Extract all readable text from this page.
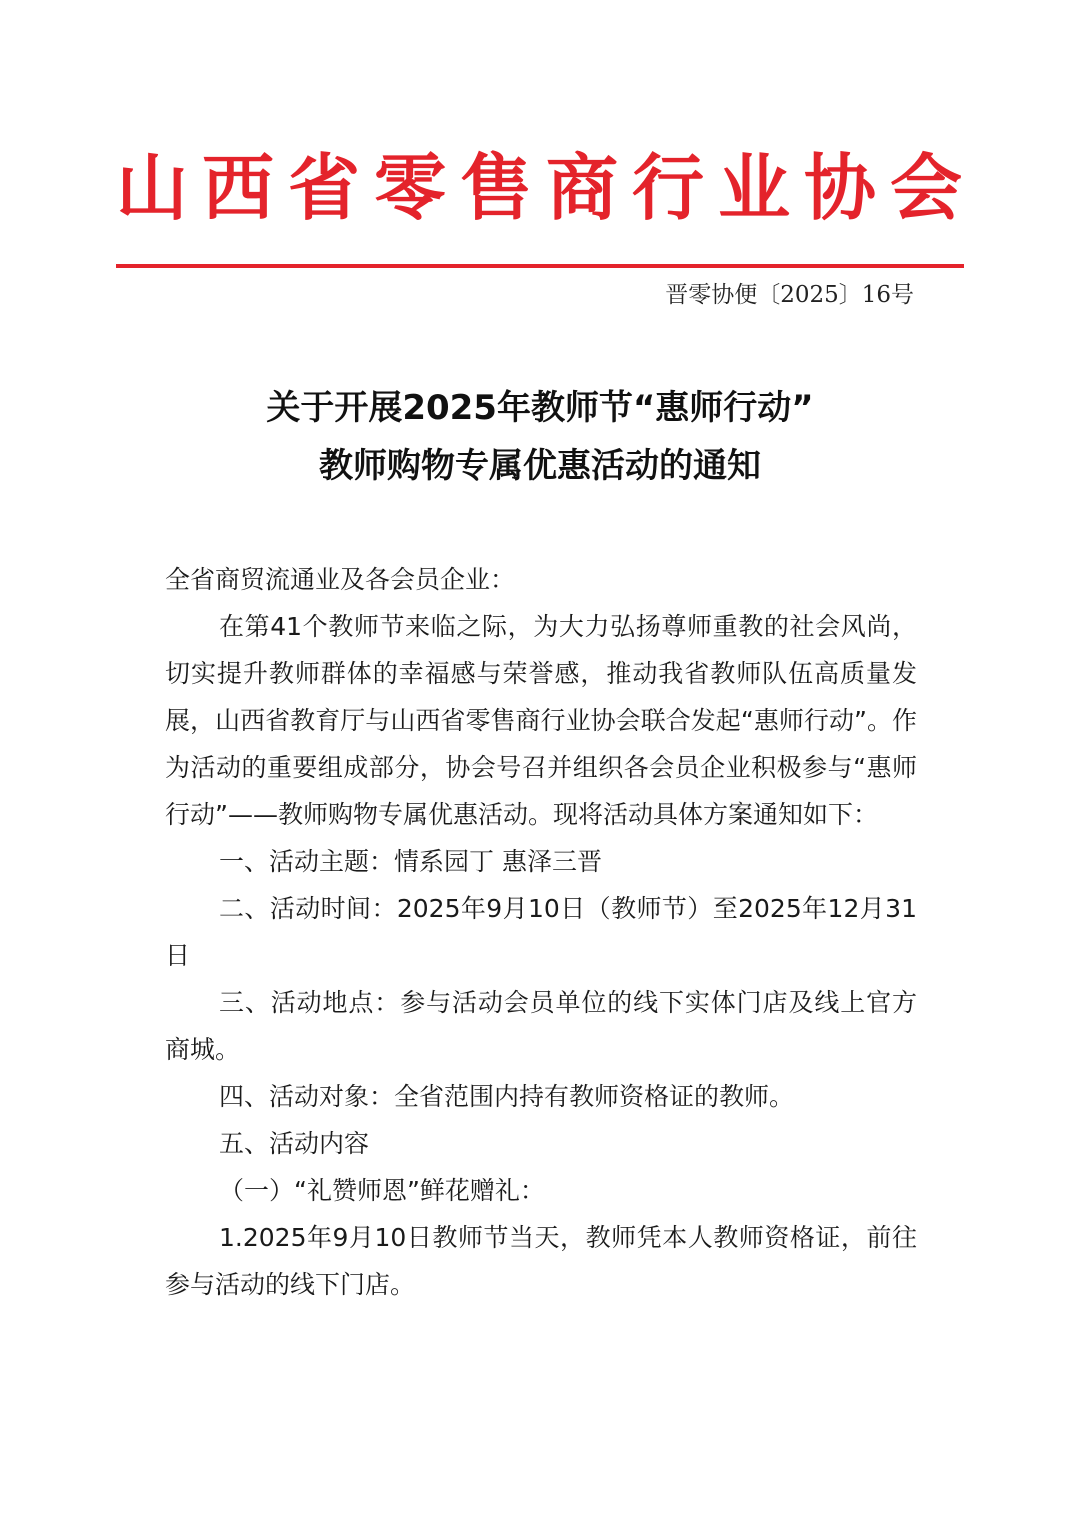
山西省零售商行业协会
晋零协便〔2025〕16号
关于开展2025年教师节“惠师行动”
教师购物专属优惠活动的通知

全省商贸流通业及各会员企业：

在第41个教师节来临之际，为大力弘扬尊师重教的社会风尚，切实提升教师群体的幸福感与荣誉感，推动我省教师队伍高质量发展，山西省教育厅与山西省零售商行业协会联合发起“惠师行动”。作为活动的重要组成部分，协会号召并组织各会员企业积极参与“惠师行动”——教师购物专属优惠活动。现将活动具体方案通知如下：

一、活动主题：情系园丁 惠泽三晋

二、活动时间：2025年9月10日（教师节）至2025年12月31日

三、活动地点：参与活动会员单位的线下实体门店及线上官方商城。

四、活动对象：全省范围内持有教师资格证的教师。

五、活动内容

（一）“礼赞师恩”鲜花赠礼：

1.2025年9月10日教师节当天，教师凭本人教师资格证，前往参与活动的线下门店。
